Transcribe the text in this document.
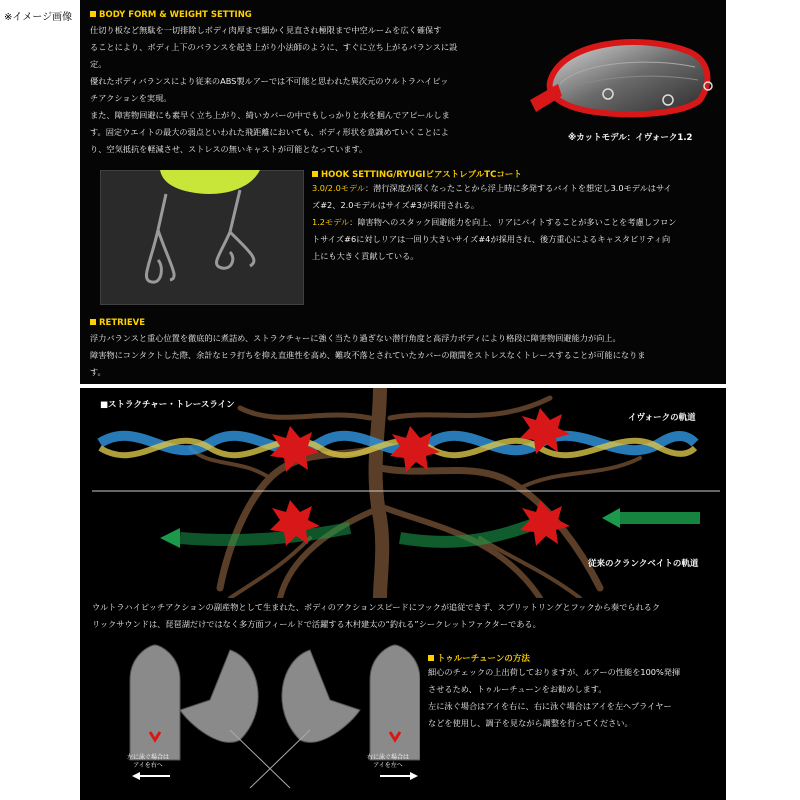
※イメージ画像	BODY FORM & WEIGHT SETTING
仕切り板など無駄を一切排除しボディ肉厚まで細かく見直され極限まで中空ルームを広く確保す
ることにより、ボディ上下のバランスを起き上がり小法師のように、すぐに立ち上がるバランスに設
定。
優れたボディバランスにより従来のABS製ルアーでは不可能と思われた異次元のウルトラハイピッ
チアクションを実現。
また、障害物回避にも素早く立ち上がり、綺いカバーの中でもしっかりと水を掴んでアピールしま
す。固定ウエイトの最大の弱点といわれた飛距離においても、ボディ形状を意識めていくことによ
り、空気抵抗を軽減させ、ストレスの無いキャストが可能となっています。
※カットモデル：イヴォーク1.2
HOOK SETTING/RYUGIビアストレブルTCコート
3.0/2.0モデル：潜行深度が深くなったことから浮上時に多発するバイトを想定し3.0モデルはサイ
ズ#2、2.0モデルはサイズ#3が採用される。
1.2モデル：障害物へのスタック回避能力を向上、リアにバイトすることが多いことを考慮しフロン
トサイズ#6に対しリアは一回り大きいサイズ#4が採用され、後方重心によるキャスタビリティ向
上にも大きく貢献している。
RETRIEVE
浮力バランスと重心位置を徹底的に煮詰め、ストラクチャーに強く当たり過ぎない潜行角度と高浮力ボディにより格段に障害物回避能力が向上。
障害物にコンタクトした際、余計なヒラ打ちを抑え直進性を高め、難攻不落とされていたカバーの隙間をストレスなくトレースすることが可能になりま
す。
■ストラクチャー・トレースライン
イヴォークの軌道
従来のクランクベイトの軌道
ウルトラハイピッチアクションの副産物として生まれた、ボディのアクションスピードにフックが追従できず、スプリットリングとフックから奏でられるク
リックサウンドは、琵琶湖だけではなく多方面フィールドで活躍する木村建太の“釣れる”シークレットファクターである。
左に泳ぐ場合は
アイを右へ
右に泳ぐ場合は
アイを左へ
トゥルーチューンの方法
細心のチェックの上出荷しておりますが、ルアーの性能を100%発揮
させるため、トゥルーチューンをお勧めします。
左に泳ぐ場合はアイを右に、右に泳ぐ場合はアイを左へプライヤー
などを使用し、調子を見ながら調整を行ってください。
